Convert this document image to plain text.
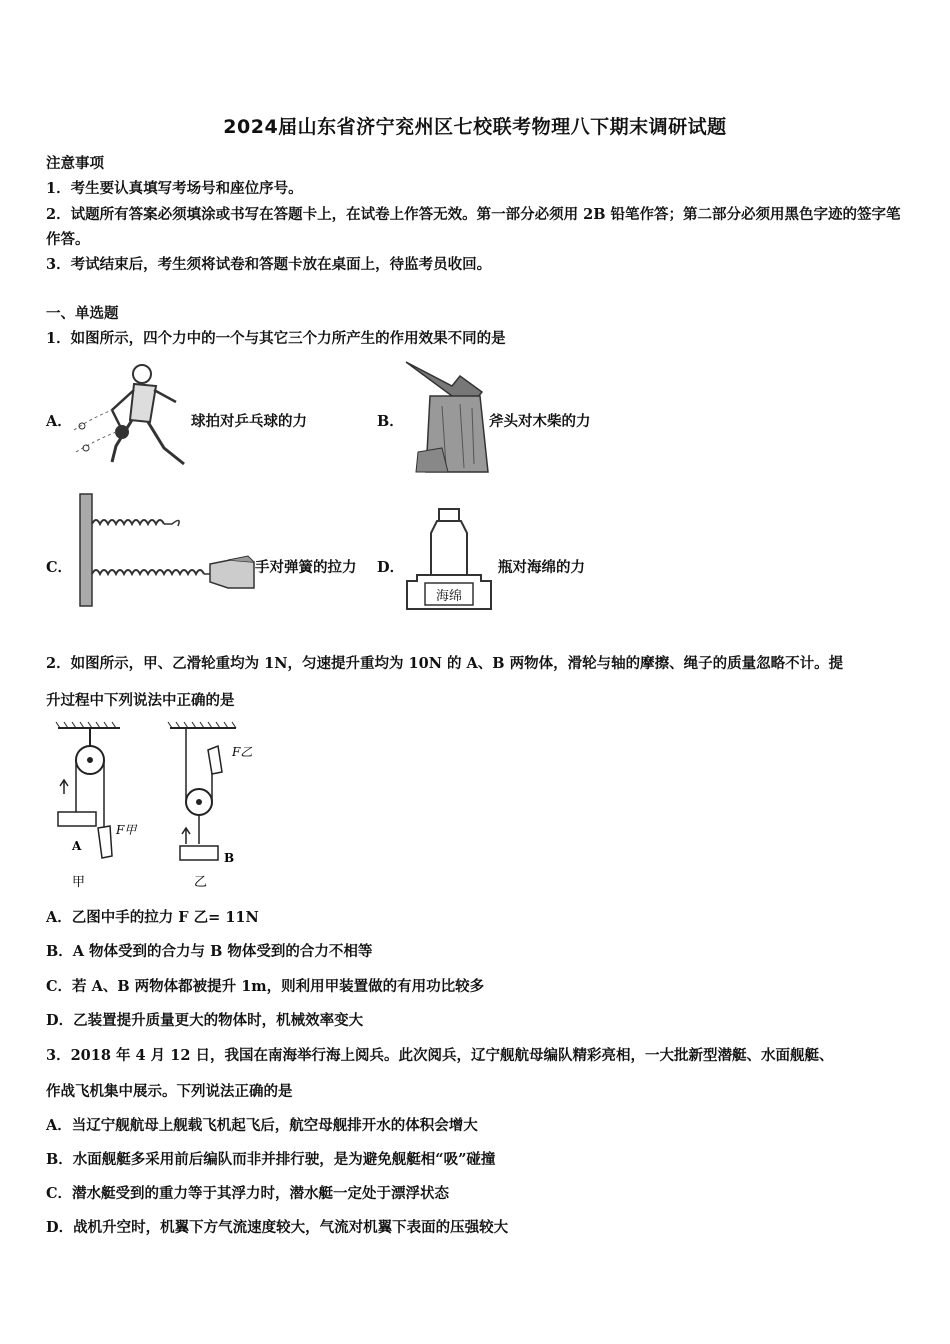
2024届山东省济宁兖州区七校联考物理八下期末调研试题
注意事项
1．考生要认真填写考场号和座位序号。
2．试题所有答案必须填涂或书写在答题卡上，在试卷上作答无效。第一部分必须用 2B 铅笔作答；第二部分必须用黑色字迹的签字笔作答。
3．考试结束后，考生须将试卷和答题卡放在桌面上，待监考员收回。
一、单选题
1．如图所示，四个力中的一个与其它三个力所产生的作用效果不同的是
A．	球拍对乒乓球的力	B．	斧头对木柴的力
C．	手对弹簧的拉力 D．
海绵
瓶对海绵的力
2．如图所示，甲、乙滑轮重均为 1N，匀速提升重均为 10N 的 A、B 两物体，滑轮与轴的摩擦、绳子的质量忽略不计。提
升过程中下列说法中正确的是
A
F甲
甲
F乙
B
乙
A．乙图中手的拉力 F 乙= 11N
B．A 物体受到的合力与 B 物体受到的合力不相等
C．若 A、B 两物体都被提升 1m，则利用甲装置做的有用功比较多
D．乙装置提升质量更大的物体时，机械效率变大
3．2018 年 4 月 12 日，我国在南海举行海上阅兵。此次阅兵，辽宁舰航母编队精彩亮相，一大批新型潜艇、水面舰艇、
作战飞机集中展示。下列说法正确的是
A．当辽宁舰航母上舰载飞机起飞后，航空母舰排开水的体积会增大
B．水面舰艇多采用前后编队而非并排行驶，是为避免舰艇相“吸”碰撞
C．潜水艇受到的重力等于其浮力时，潜水艇一定处于漂浮状态
D．战机升空时，机翼下方气流速度较大，气流对机翼下表面的压强较大
